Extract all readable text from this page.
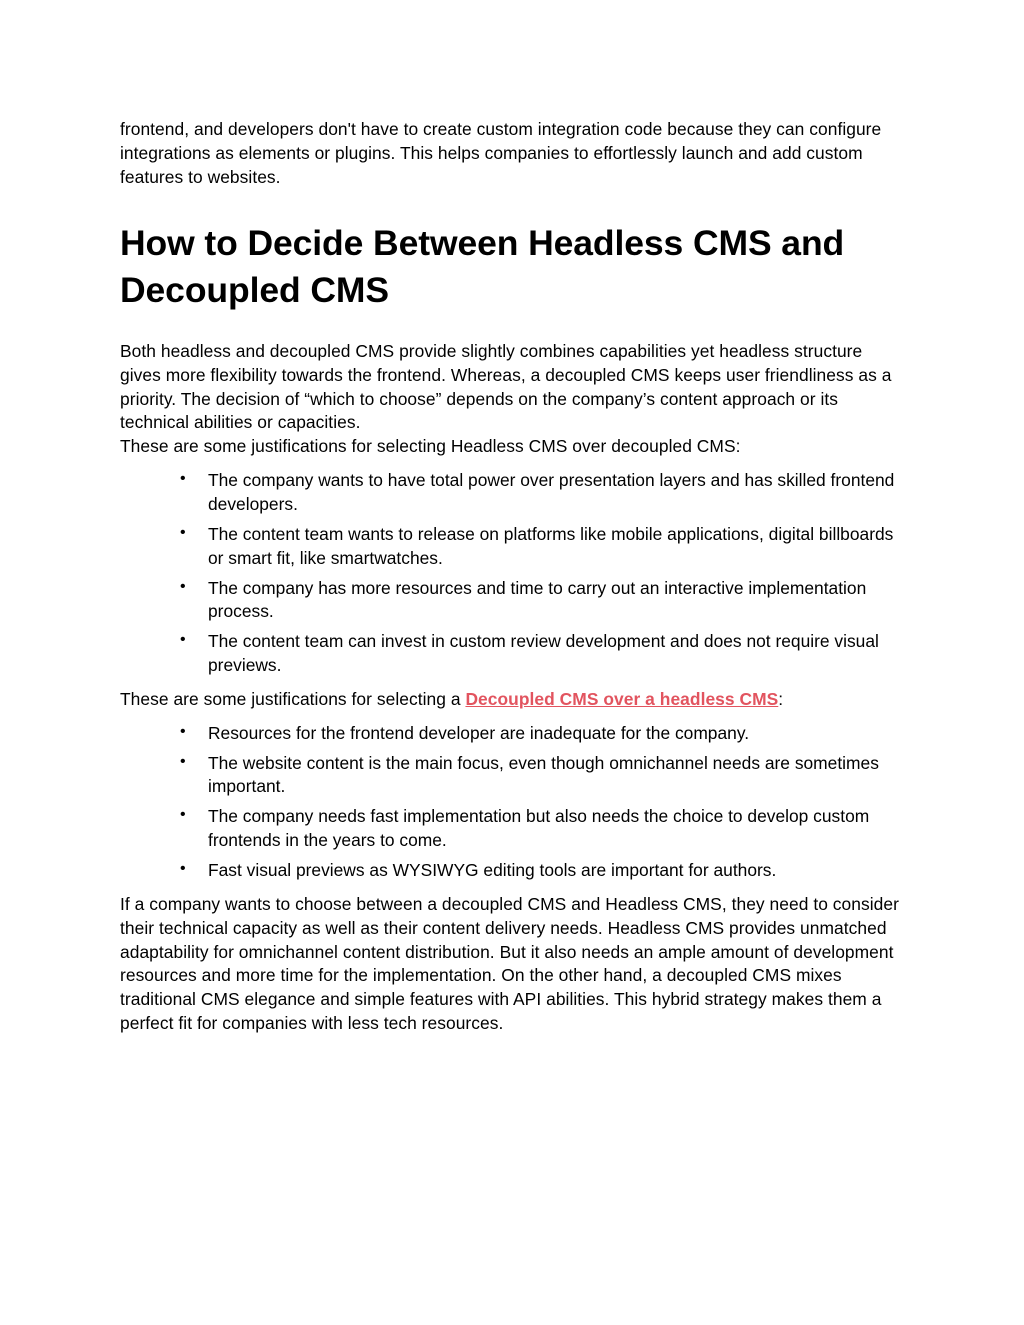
frontend, and developers don't have to create custom integration code because they can configure integrations as elements or plugins. This helps companies to effortlessly launch and add custom features to websites.

How to Decide Between Headless CMS and Decoupled CMS

Both headless and decoupled CMS provide slightly combines capabilities yet headless structure gives more flexibility towards the frontend. Whereas, a decoupled CMS keeps user friendliness as a priority. The decision of “which to choose” depends on the company’s content approach or its technical abilities or capacities.

These are some justifications for selecting Headless CMS over decoupled CMS:

• The company wants to have total power over presentation layers and has skilled frontend developers.
• The content team wants to release on platforms like mobile applications, digital billboards or smart fit, like smartwatches.
• The company has more resources and time to carry out an interactive implementation process.
• The content team can invest in custom review development and does not require visual previews.

These are some justifications for selecting a Decoupled CMS over a headless CMS:

• Resources for the frontend developer are inadequate for the company.
• The website content is the main focus, even though omnichannel needs are sometimes important.
• The company needs fast implementation but also needs the choice to develop custom frontends in the years to come.
• Fast visual previews as WYSIWYG editing tools are important for authors.

If a company wants to choose between a decoupled CMS and Headless CMS, they need to consider their technical capacity as well as their content delivery needs. Headless CMS provides unmatched adaptability for omnichannel content distribution. But it also needs an ample amount of development resources and more time for the implementation. On the other hand, a decoupled CMS mixes traditional CMS elegance and simple features with API abilities. This hybrid strategy makes them a perfect fit for companies with less tech resources.
